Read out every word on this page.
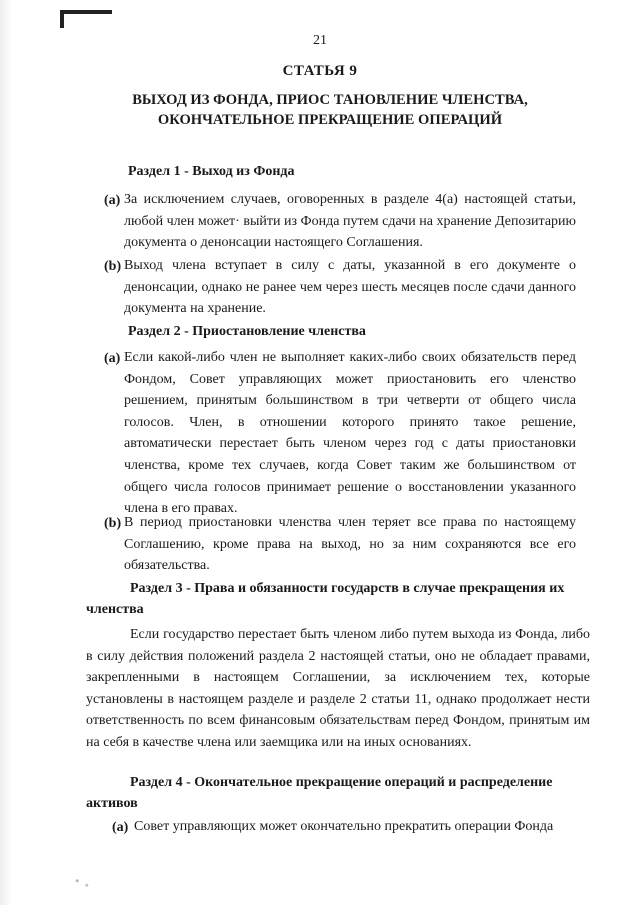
21
СТАТЬЯ 9
ВЫХОД ИЗ ФОНДА, ПРИОС ТАНОВЛЕНИЕ ЧЛЕНСТВА, ОКОНЧАТЕЛЬНОЕ ПРЕКРАЩЕНИЕ ОПЕРАЦИЙ
Раздел 1 - Выход из Фонда
(a) За исключением случаев, оговоренных в разделе 4(а) настоящей статьи, любой член может· выйти из Фонда путем сдачи на хранение Депозитарию документа о денонсации настоящего Соглашения.
(b) Выход члена вступает в силу с даты, указанной в его документе о денонсации, однако не ранее чем через шесть месяцев после сдачи данного документа на хранение.
Раздел 2 - Приостановление членства
(a) Если какой-либо член не выполняет каких-либо своих обязательств перед Фондом, Совет управляющих может приостановить его членство решением, принятым большинством в три четверти от общего числа голосов. Член, в отношении которого принято такое решение, автоматически перестает быть членом через год с даты приостановки членства, кроме тех случаев, когда Совет таким же большинством от общего числа голосов принимает решение о восстановлении указанного члена в его правах.
(b) В период приостановки членства член теряет все права по настоящему Соглашению, кроме права на выход, но за ним сохраняются все его обязательства.
Раздел 3 - Права и обязанности государств в случае прекращения их членства
Если государство перестает быть членом либо путем выхода из Фонда, либо в силу действия положений раздела 2 настоящей статьи, оно не обладает правами, закрепленными в настоящем Соглашении, за исключением тех, которые установлены в настоящем разделе и разделе 2 статьи 11, однако продолжает нести ответственность по всем финансовым обязательствам перед Фондом, принятым им на себя в качестве члена или заемщика или на иных основаниях.
Раздел 4 - Окончательное прекращение операций и распределение активов
(a) Совет управляющих может окончательно прекратить операции Фонда
